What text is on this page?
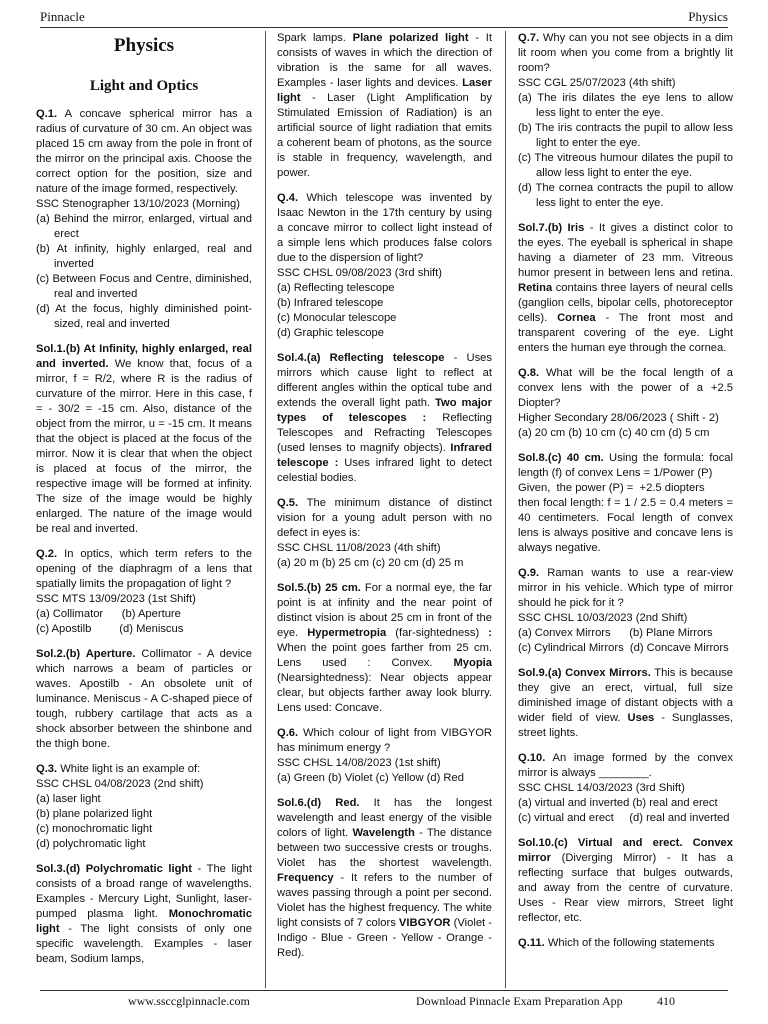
Pinnacle	Physics
Physics
Light and Optics

Q.1. A concave spherical mirror has a radius of curvature of 30 cm. An object was placed 15 cm away from the pole in front of the mirror on the principal axis. Choose the correct option for the position, size and nature of the image formed, respectively.

SSC Stenographer 13/10/2023 (Morning)

(a) Behind the mirror, enlarged, virtual and erect

(b) At infinity, highly enlarged, real and inverted

(c) Between Focus and Centre, diminished, real and inverted

(d) At the focus, highly diminished point-sized, real and inverted

Sol.1.(b) At Infinity, highly enlarged, real and inverted. We know that, focus of a mirror, f = R/2, where R is the radius of curvature of the mirror. Here in this case, f = - 30/2 = -15 cm. Also, distance of the object from the mirror, u = -15 cm. It means that the object is placed at the focus of the mirror. Now it is clear that when the object is placed at focus of the mirror, the respective image will be formed at infinity. The size of the image would be highly enlarged. The nature of the image would be real and inverted.

Q.2. In optics, which term refers to the opening of the diaphragm of a lens that spatially limits the propagation of light ?

SSC MTS 13/09/2023 (1st Shift)
(a) Collimator      (b) Aperture
(c) Apostilb         (d) Meniscus

Sol.2.(b) Aperture. Collimator - A device which narrows a beam of particles or waves. Apostilb - An obsolete unit of luminance. Meniscus - A C-shaped piece of tough, rubbery cartilage that acts as a shock absorber between the shinbone and the thigh bone.

Q.3. White light is an example of:

SSC CHSL 04/08/2023 (2nd shift)

(a) laser light

(b) plane polarized light

(c) monochromatic light

(d) polychromatic light

Sol.3.(d) Polychromatic light - The light consists of a broad range of wavelengths. Examples - Mercury Light, Sunlight, laser-pumped plasma light. Monochromatic light - The light consists of only one specific wavelength. Examples - laser beam, Sodium lamps,

Spark lamps. Plane polarized light - It consists of waves in which the direction of vibration is the same for all waves. Examples - laser lights and devices. Laser light - Laser (Light Amplification by Stimulated Emission of Radiation) is an artificial source of light radiation that emits a coherent beam of photons, as the source is stable in frequency, wavelength, and power.

Q.4. Which telescope was invented by Isaac Newton in the 17th century by using a concave mirror to collect light instead of a simple lens which produces false colors due to the dispersion of light?

SSC CHSL 09/08/2023 (3rd shift)

(a) Reflecting telescope

(b) Infrared telescope

(c) Monocular telescope

(d) Graphic telescope

Sol.4.(a) Reflecting telescope - Uses mirrors which cause light to reflect at different angles within the optical tube and extends the overall light path. Two major types of telescopes : Reflecting Telescopes and Refracting Telescopes (used lenses to magnify objects). Infrared telescope : Uses infrared light to detect celestial bodies.

Q.5. The minimum distance of distinct vision for a young adult person with no defect in eyes is:

SSC CHSL 11/08/2023 (4th shift)
(a) 20 m (b) 25 cm (c) 20 cm (d) 25 m

Sol.5.(b) 25 cm. For a normal eye, the far point is at infinity and the near point of distinct vision is about 25 cm in front of the eye. Hypermetropia (far-sightedness) : When the point goes farther from 25 cm. Lens used : Convex. Myopia (Nearsightedness): Near objects appear clear, but objects farther away look blurry. Lens used: Concave.

Q.6. Which colour of light from VIBGYOR has minimum energy ?

SSC CHSL 14/08/2023 (1st shift)
(a) Green (b) Violet (c) Yellow (d) Red

Sol.6.(d) Red. It has the longest wavelength and least energy of the visible colors of light. Wavelength - The distance between two successive crests or troughs. Violet has the shortest wavelength. Frequency - It refers to the number of waves passing through a point per second. Violet has the highest frequency. The white light consists of 7 colors VIBGYOR (Violet - Indigo - Blue - Green - Yellow - Orange - Red).

Q.7. Why can you not see objects in a dim lit room when you come from a brightly lit room?

SSC CGL 25/07/2023 (4th shift)

(a) The iris dilates the eye lens to allow less light to enter the eye.

(b) The iris contracts the pupil to allow less light to enter the eye.

(c) The vitreous humour dilates the pupil to allow less light to enter the eye.

(d) The cornea contracts the pupil to allow less light to enter the eye.

Sol.7.(b) Iris - It gives a distinct color to the eyes. The eyeball is spherical in shape having a diameter of 23 mm. Vitreous humor present in between lens and retina. Retina contains three layers of neural cells (ganglion cells, bipolar cells, photoreceptor cells). Cornea - The front most and transparent covering of the eye. Light enters the human eye through the cornea.

Q.8. What will be the focal length of a convex lens with the power of a +2.5 Diopter?

Higher Secondary 28/06/2023 ( Shift - 2)
(a) 20 cm (b) 10 cm (c) 40 cm (d) 5 cm

Sol.8.(c) 40 cm. Using the formula: focal length (f) of convex Lens = 1/Power (P)

Given,  the power (P) =  +2.5 diopters

then focal length: f = 1 / 2.5 = 0.4 meters = 40 centimeters. Focal length of convex lens is always positive and concave lens is always negative.

Q.9. Raman wants to use a rear-view mirror in his vehicle. Which type of mirror should he pick for it ?

SSC CHSL 10/03/2023 (2nd Shift)
(a) Convex Mirrors      (b) Plane Mirrors
(c) Cylindrical Mirrors  (d) Concave Mirrors

Sol.9.(a) Convex Mirrors. This is because they give an erect, virtual, full size diminished image of distant objects with a wider field of view. Uses - Sunglasses, street lights.

Q.10. An image formed by the convex mirror is always ________.

SSC CHSL 14/03/2023 (3rd Shift)
(a) virtual and inverted (b) real and erect
(c) virtual and erect     (d) real and inverted

Sol.10.(c) Virtual and erect. Convex mirror (Diverging Mirror) - It has a reflecting surface that bulges outwards, and away from the centre of curvature. Uses - Rear view mirrors, Street light reflector, etc.

Q.11. Which of the following statements

www.ssccglpinnacle.com	Download Pinnacle Exam Preparation App	410
